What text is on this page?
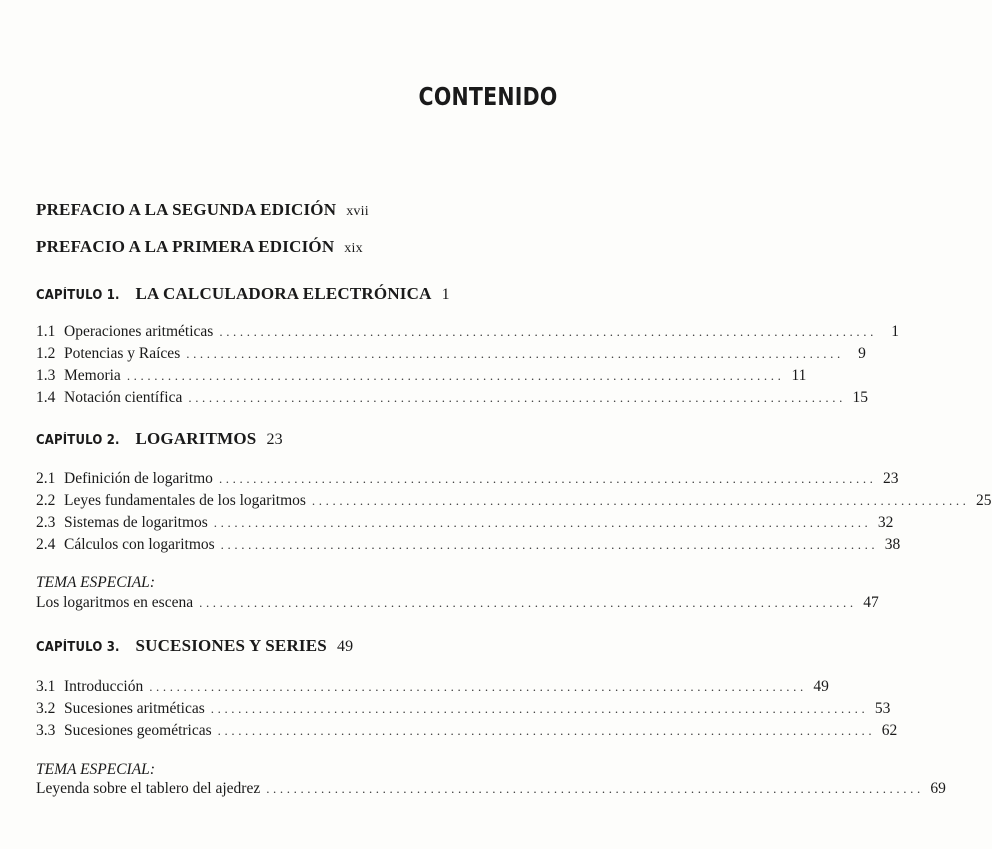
CONTENIDO
PREFACIO A LA SEGUNDA EDICIÓN xvii
PREFACIO A LA PRIMERA EDICIÓN xix
CAPÍTULO 1. LA CALCULADORA ELECTRÓNICA 1
1.1 Operaciones aritméticas ................................................................................................ 1
1.2 Potencias y Raíces ................................................................................................ 9
1.3 Memoria ................................................................................................ 11
1.4 Notación científica ................................................................................................ 15
CAPÍTULO 2. LOGARITMOS 23
2.1 Definición de logaritmo ................................................................................................ 23
2.2 Leyes fundamentales de los logaritmos ................................................................................................ 25
2.3 Sistemas de logaritmos ................................................................................................ 32
2.4 Cálculos con logaritmos ................................................................................................ 38
TEMA ESPECIAL:
Los logaritmos en escena ................................................................................................ 47
CAPÍTULO 3. SUCESIONES Y SERIES 49
3.1 Introducción ................................................................................................ 49
3.2 Sucesiones aritméticas ................................................................................................ 53
3.3 Sucesiones geométricas ................................................................................................ 62
TEMA ESPECIAL:
Leyenda sobre el tablero del ajedrez ................................................................................................ 69
